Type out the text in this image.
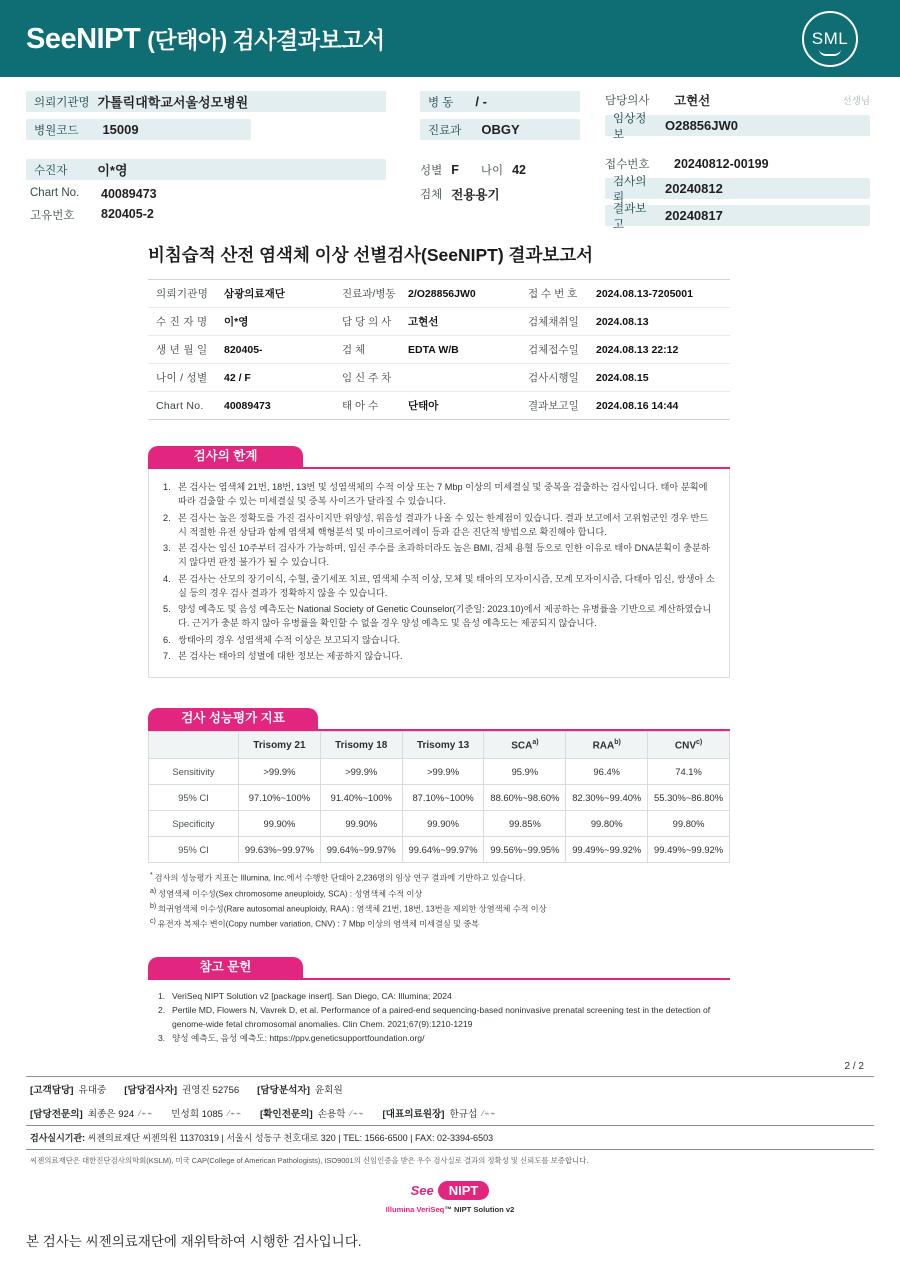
SeeNIPT (단태아) 검사결과보고서	SML
의뢰기관명 가톨릭대학교서울성모병원
병원코드	15009
수진자	이*영
Chart No.	40089473
고유번호	820405-2
병 동	/ -
진료과	OBGY
성별 F	나이 42
검체 전용용기
담당의사	고현선	선생님
임상정보
O28856JW0
접수번호	20240812-00199
검사의뢰
20240812
결과보고
20240817
비침습적 산전 염색체 이상 선별검사(SeeNIPT) 결과보고서
의뢰기관명	삼광의료재단	진료과/병동	2/O28856JW0	접 수 번 호	2024.08.13-7205001
수 진 자 명	이*영	담 당 의 사	고현선	검체채취일	2024.08.13
생 년 월 일	820405-	검 체	EDTA W/B	검체접수일	2024.08.13 22:12
나이 / 성별	42 / F	임 신 주 차		검사시행일	2024.08.15
Chart No.	40089473	태 아 수	단태아	결과보고일	2024.08.16 14:44
검사의 한계
1. 본 검사는 염색체 21번, 18번, 13번 및 성염색체의 수적 이상 또는 7 Mbp 이상의 미세결실 및 중복을 검출하는 검사입니다. 태아 분획에 따라 검출할 수 있는 미세결실 및 중복 사이즈가 달라질 수 있습니다.
2. 본 검사는 높은 정확도를 가진 검사이지만 위양성, 위음성 결과가 나올 수 있는 한계점이 있습니다. 결과 보고에서 고위험군인 경우 반드시 적절한 유전 상담과 함께 염색체 핵형분석 및 마이크로어레이 등과 같은 진단적 방법으로 확진해야 합니다.
3. 본 검사는 임신 10주부터 검사가 가능하며, 임신 주수를 초과하더라도 높은 BMI, 검체 용혈 등으로 인한 이유로 태아 DNA분획이 충분하지 않다면 판정 불가가 될 수 있습니다.
4. 본 검사는 산모의 장기이식, 수혈, 줄기세포 치료, 염색체 수적 이상, 모체 및 태아의 모자이시즘, 모계 모자이시즘, 다태아 임신, 쌍생아 소실 등의 경우 검사 결과가 정확하지 않을 수 있습니다.
5. 양성 예측도 및 음성 예측도는 National Society of Genetic Counselor(기준일: 2023.10)에서 제공하는 유병률을 기반으로 계산하였습니다. 근거가 충분 하지 않아 유병률을 확인할 수 없을 경우 양성 예측도 및 음성 예측도는 제공되지 않습니다.
6. 쌍태아의 경우 성염색체 수적 이상은 보고되지 않습니다.
7. 본 검사는 태아의 성별에 대한 정보는 제공하지 않습니다.
검사 성능평가 지표
	Trisomy 21	Trisomy 18	Trisomy 13	SCA$^{a)}$	RAA$^{b)}$	CNV$^{c)}$
Sensitivity	>99.9%	>99.9%	>99.9%	95.9%	96.4%	74.1%
95% CI	97.10%~100%	91.40%~100%	87.10%~100%	88.60%~98.60%	82.30%~99.40%	55.30%~86.80%
Specificity	99.90%	99.90%	99.90%	99.85%	99.80%	99.80%
95% CI	99.63%~99.97%	99.64%~99.97%	99.64%~99.97%	99.56%~99.95%	99.49%~99.92%	99.49%~99.92%
* 검사의 성능평가 지표는 Illumina, Inc.에서 수행한 단태아 2,236명의 임상 연구 결과에 기반하고 있습니다.
a) 성염색체 이수성(Sex chromosome aneuploidy, SCA) : 성염색체 수적 이상
b) 희귀염색체 이수성(Rare autosomal aneuploidy, RAA) : 염색체 21번, 18번, 13번을 제외한 상염색체 수적 이상
c) 유전자 복제수 변이(Copy number variation, CNV) : 7 Mbp 이상의 염색체 미세결실 및 중복
참고 문헌
1. VeriSeq NIPT Solution v2 [package insert]. San Diego, CA: Illumina; 2024
2. Pertile MD, Flowers N, Vavrek D, et al. Performance of a paired-end sequencing-based noninvasive prenatal screening test in the detection of genome-wide fetal chromosomal anomalies. Clin Chem. 2021;67(9):1210-1219
3. 양성 예측도, 음성 예측도: https://ppv.geneticsupportfoundation.org/
2 / 2
[고객담당] 유대중 [담당검사자] 권영진 52756 [담당분석자] 윤회원
[담당전문의] 최종은 924 ⁄⌁⌁ 민성희 1085 ⁄⌁⌁ [확인전문의] 손용학 ⁄⌁⌁ [대표의료원장] 한규섭 ⁄⌁⌁
검사실시기관: 씨젠의료재단 씨젠의원 11370319 | 서울시 성동구 천호대로 320 | TEL: 1566-6500 | FAX: 02-3394-6503
씨젠의료재단은 대한진단검사의학회(KSLM), 미국 CAP(College of American Pathologists), ISO9001의 신임인증을 받은 우수 검사실로 결과의 정확성 및 신뢰도를 보증합니다.
See	NIPT
Illumina VeriSeq™ NIPT Solution v2
본 검사는 씨젠의료재단에 재위탁하여 시행한 검사입니다.
